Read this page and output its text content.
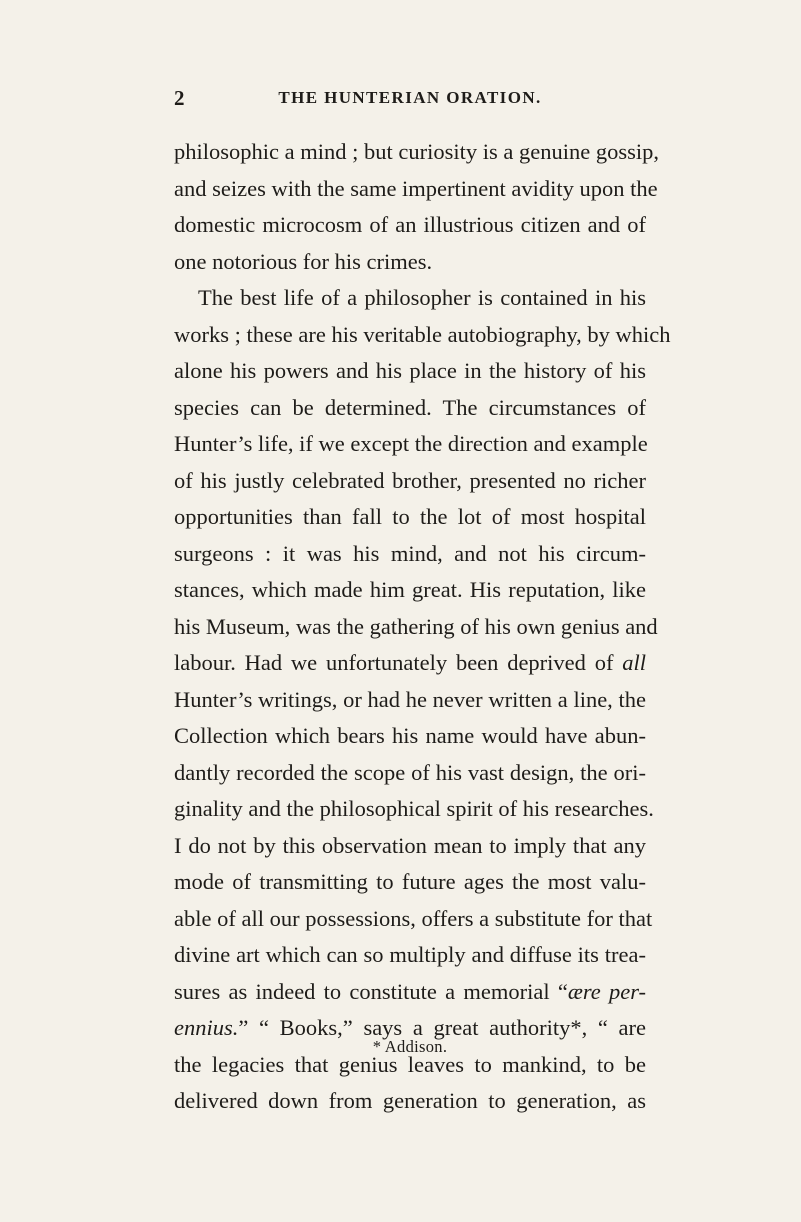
2	THE HUNTERIAN ORATION.
philosophic a mind ; but curiosity is a genuine gossip,
and seizes with the same impertinent avidity upon the
domestic microcosm of an illustrious citizen and of
one notorious for his crimes.
The best life of a philosopher is contained in his
works ; these are his veritable autobiography, by which
alone his powers and his place in the history of his
species can be determined. The circumstances of
Hunter’s life, if we except the direction and example
of his justly celebrated brother, presented no richer
opportunities than fall to the lot of most hospital
surgeons : it was his mind, and not his circum-
stances, which made him great. His reputation, like
his Museum, was the gathering of his own genius and
labour. Had we unfortunately been deprived of all
Hunter’s writings, or had he never written a line, the
Collection which bears his name would have abun-
dantly recorded the scope of his vast design, the ori-
ginality and the philosophical spirit of his researches.
I do not by this observation mean to imply that any
mode of transmitting to future ages the most valu-
able of all our possessions, offers a substitute for that
divine art which can so multiply and diffuse its trea-
sures as indeed to constitute a memorial “ære per-
ennius.” “ Books,” says a great authority*, “ are
the legacies that genius leaves to mankind, to be
delivered down from generation to generation, as
* Addison.
